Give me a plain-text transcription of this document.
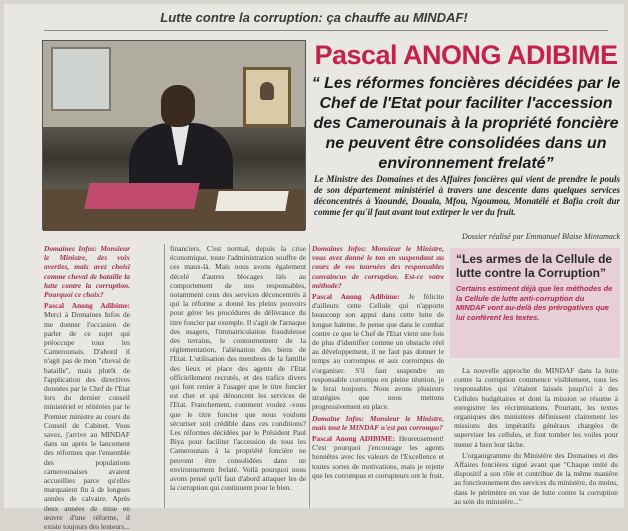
Lutte contre la corruption: ça chauffe au MINDAF!
Pascal ANONG ADIBIME
“ Les réformes foncières décidées par le Chef de l'Etat pour faciliter l'accession des Camerounais à la propriété foncière ne peuvent être consolidées dans un environnement frelaté”
Le Ministre des Domaines et des Affaires foncières qui vient de prendre le pouls de son département ministériel à travers une descente dans quelques services déconcentrés à Yaoundé, Douala, Mfou, Ngoumou, Monatélé et Bafia croit dur comme fer qu'il faut avant tout extirper le ver du fruit.
Dossier réalisé par Emmanuel Blaise Mintamack

Domaines Infos: Monsieur le Ministre, des voix averties, mais avez choisi comme cheval de bataille la lutte contre la corruption. Pourquoi ce choix?

Pascal Anong Adibime: Merci à Domaines Infos de me donner l'occasion de parler de ce sujet qui préoccupe tous les Camerounais. D'abord il n'agit pas de mon "cheval de bataille", mais plutôt de l'application des directives données par le Chef de l'Etat lors du dernier conseil ministériel et réitérées par le Premier ministre au cours du Conseil de Cabinet. Vous savez, j'arrive au MINDAF dans un après le lancement des réformes que l'ensemble des populations camerounaises avaient accueillies parce qu'elles marquaient fin à de longues années de calvaire. Après deux années de mise en œuvre d'une réforme, il existe toujours des lenteurs...

financiers. C'est normal, depuis la crise économique, toute l'administration souffre de ces maux-là. Mais nous avons également décelé d'autres blocages liés au comportement de nos responsables, notamment ceux des services déconcentrés à qui la réforme a donné les pleins pouvoirs pour gérer les procédures de délivrance du titre foncier par exemple. Il s'agit de l'arnaque des usagers, l'immatriculation frauduleuse des terrains, le contournement de la réglementation, l'aliénation des biens de l'Etat. L'utilisation des membres de la famille des lieux et place des agents de l'Etat officiellement recrutés, et des trafics divers qui font renier à l'usager que le titre foncier est cher et qui dénoncent les services de l'Etat. Franchement, comment voulez -vous que le titre foncier que nous voulons sécuriser soit crédible dans ces conditions? Les réformes décidées par le Président Paul Biya pour faciliter l'accession de tous les Camerounais à la propriété foncière ne peuvent être consolidées dans un environnement frelaté. Voilà pourquoi nous avons pensé qu'il faut d'abord attaquer les de la corruption qui continuent pour le bien.

Domaines Infos: Monsieur le Ministre, vous avez donné le ton en suspendant au cours de vos tournées des responsables convaincus de corruption. Est-ce votre méthode?

Pascal Anong Adibime: Je félicite d'ailleurs cette Cellule qui n'apporte beaucoup son appui dans cette lutte de longue haleine. Je pense que dans le combat contre ce que le Chef de l'Etat vient une fois de plus d'identifier comme un obstacle réel au développement, il ne faut pas donner le temps au corrompus et aux corrompus de s'organiser. S'il faut suspendre un responsable corrompu en pleine réunion, je le ferai toujours. Nous avons plusieurs stratégies que nous mettons progressivement en place.

Domaine Infos: Monsieur le Ministre, mais tout le MINDAF n'est pas corrompu?

Pascal Anong ADIBIME: Heureusement! C'est pourquoi j'encourage les agents honnêtes avec les valeurs de l'Excellence et toutes sortes de motivations, mais je rejette que les corrompus et corrupteurs ont le fruit.

“Les armes de la Cellule de lutte contre la Corruption”
Certains estiment déjà que les méthodes de la Cellule de lutte anti-corruption du MINDAF vont au-delà des prérogatives que lui confèrent les textes.

La nouvelle approche du MINDAF dans la lutte contre la corruption commence visiblement, tous les responsables qui s'étaient laissés jusqu'ici à des Cellules budgétaires et dont la mission se résume à enregistrer les récriminations. Pourtant, les textes organiques des ministères définissent clairement les missions des impératifs généraux chargées de superviser les cellules, et font tomber les voiles pour mener à bien leur tâche.

L'organigramme du Ministère des Domaines et des Affaires foncières signé avant que "Chaque unité du dispositif a son rôle et contribue de la même manière au fonctionnement des services du ministère, du moins, dans le périmètre en vue de lutte contre la corruption au sein du ministère..."
